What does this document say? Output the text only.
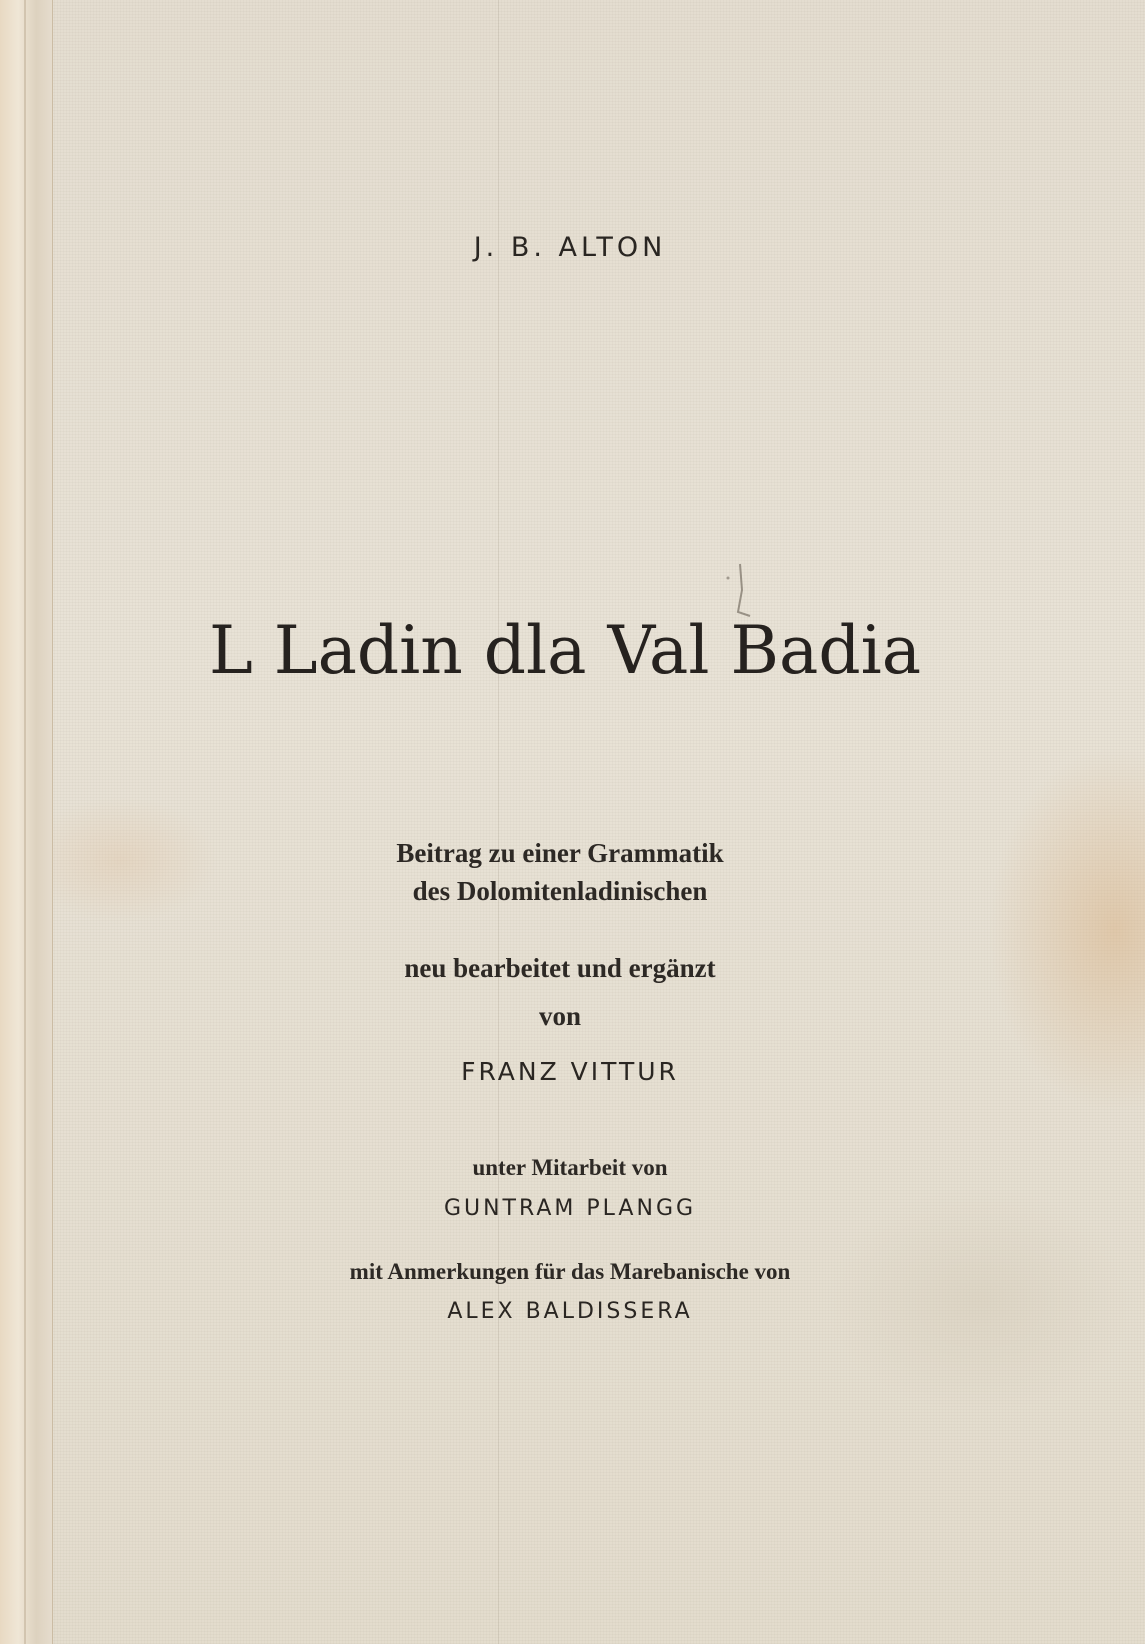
J. B. ALTON
L Ladin dla Val Badia
Beitrag zu einer Grammatik
des Dolomitenladinischen
neu bearbeitet und ergänzt
von
FRANZ VITTUR
unter Mitarbeit von
GUNTRAM PLANGG
mit Anmerkungen für das Marebanische von
ALEX BALDISSERA
